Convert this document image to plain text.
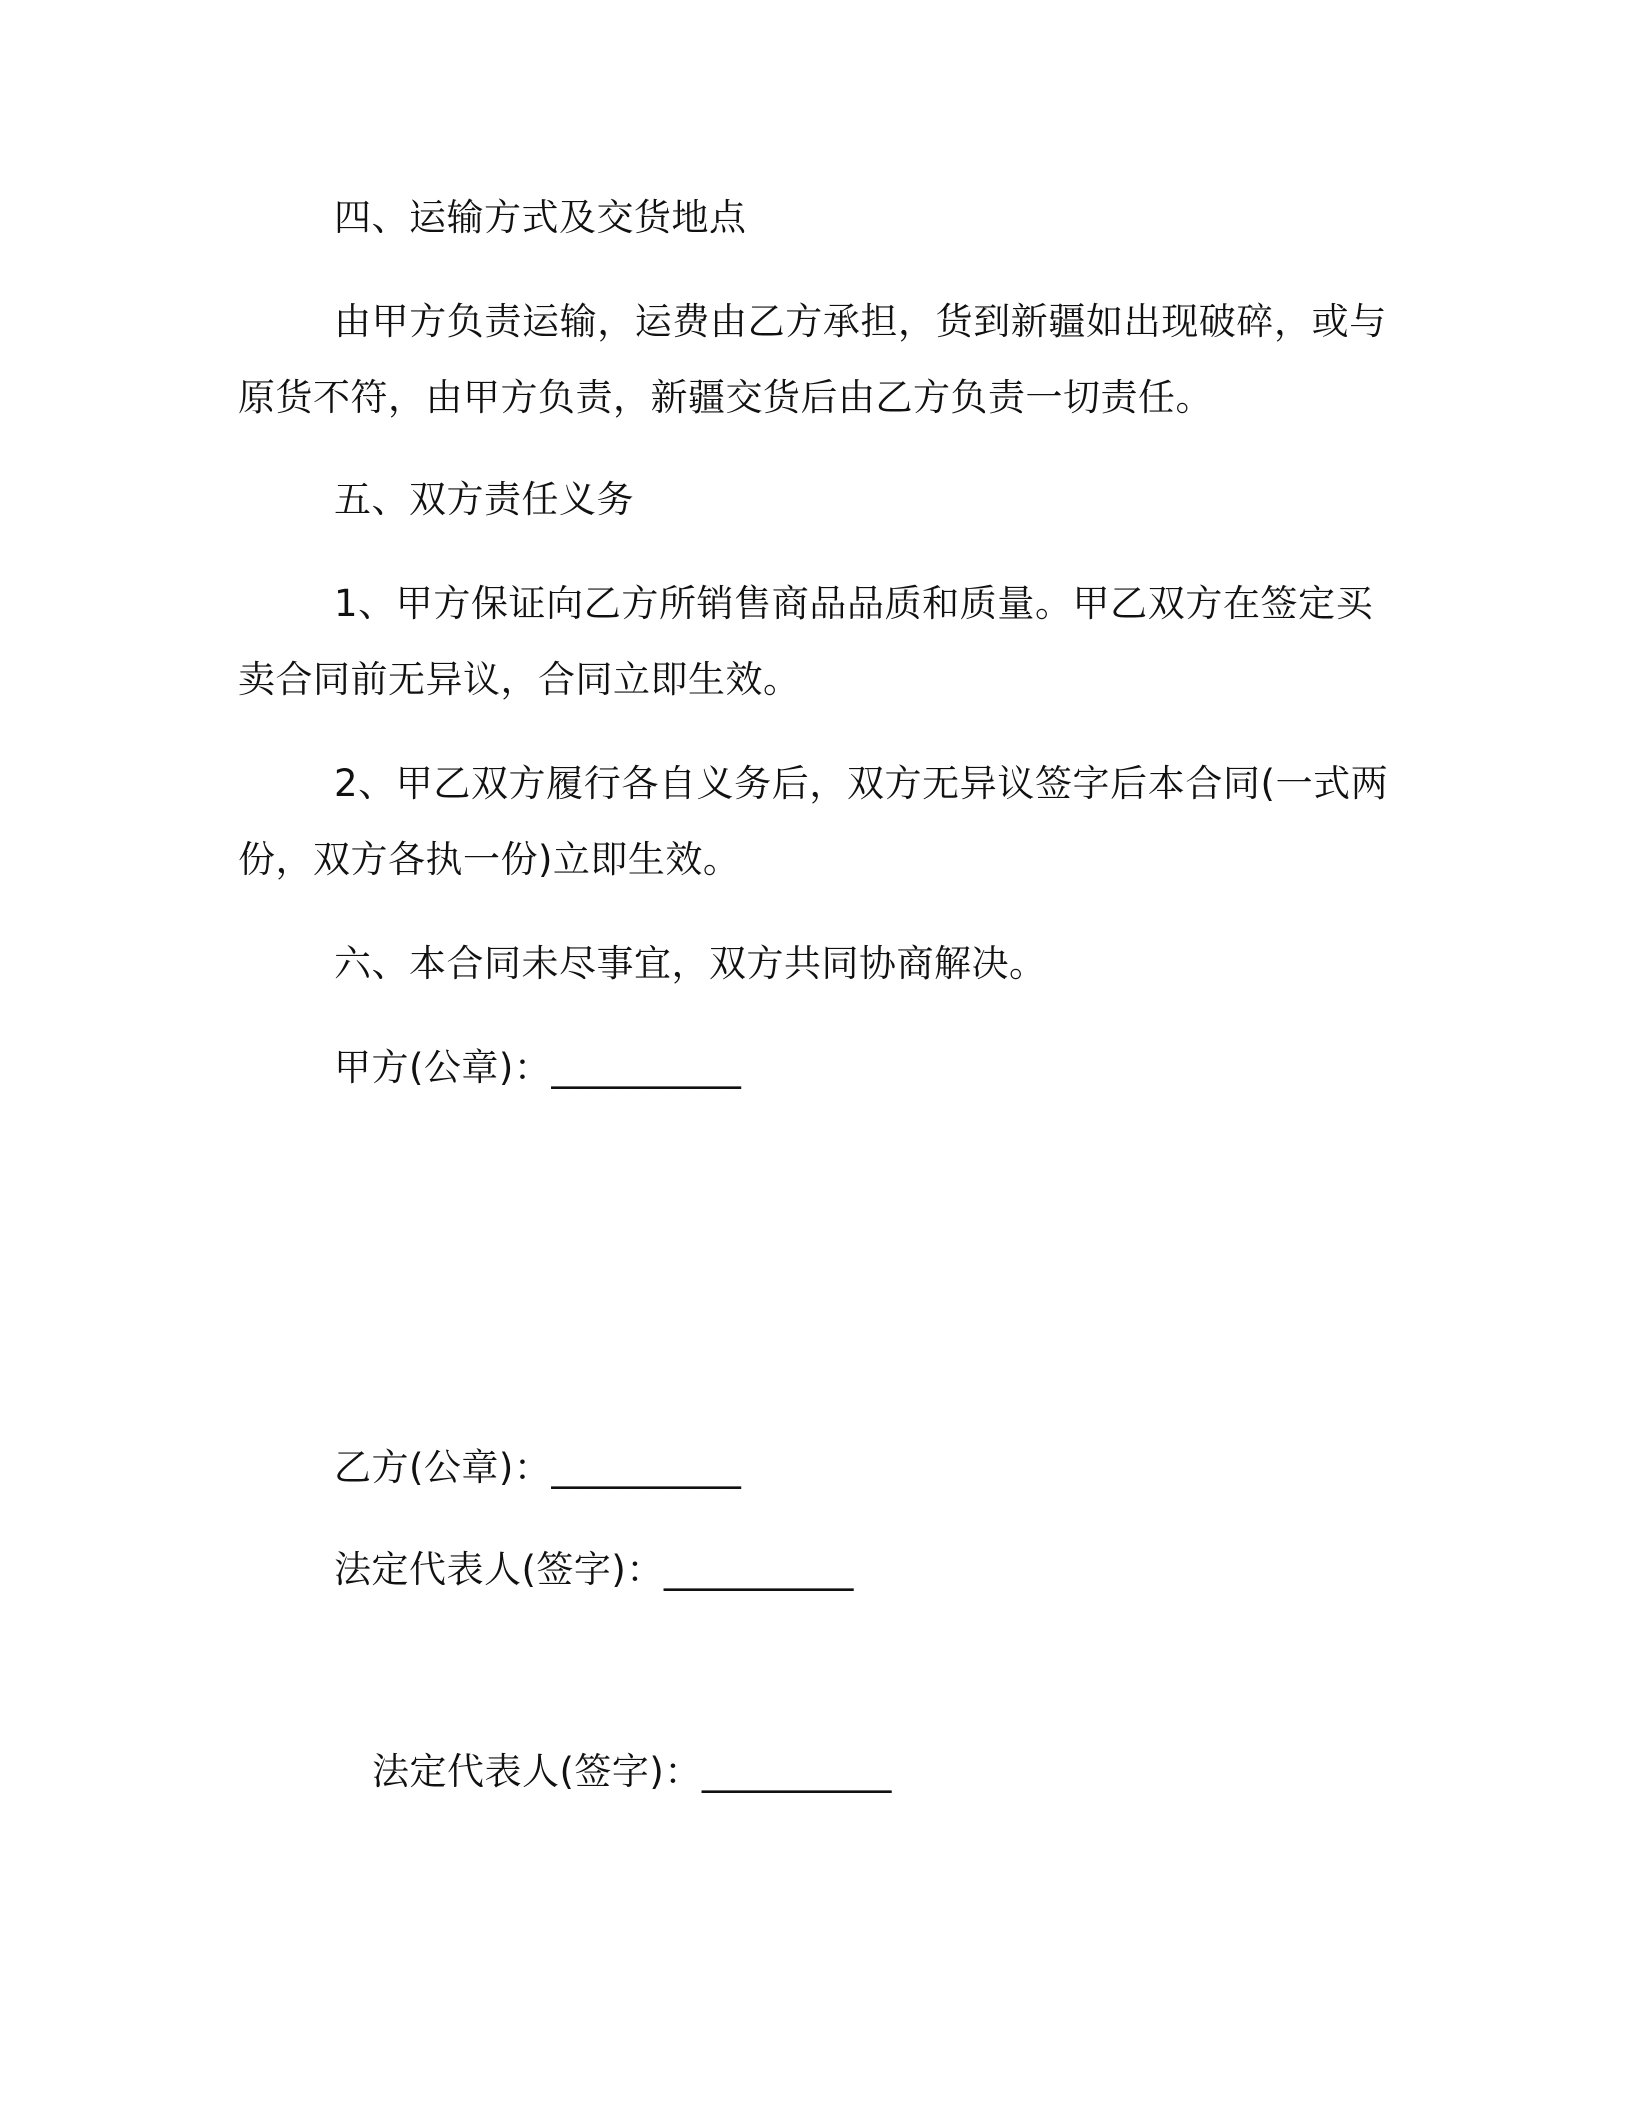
四、运输方式及交货地点
由甲方负责运输，运费由乙方承担，货到新疆如出现破碎，或与
原货不符，由甲方负责，新疆交货后由乙方负责一切责任。
五、双方责任义务
1、甲方保证向乙方所销售商品品质和质量。甲乙双方在签定买
卖合同前无异议，合同立即生效。
2、甲乙双方履行各自义务后，双方无异议签字后本合同(一式两
份，双方各执一份)立即生效。
六、本合同未尽事宜，双方共同协商解决。
甲方(公章)：__________
乙方(公章)：__________
法定代表人(签字)：__________
法定代表人(签字)：__________
